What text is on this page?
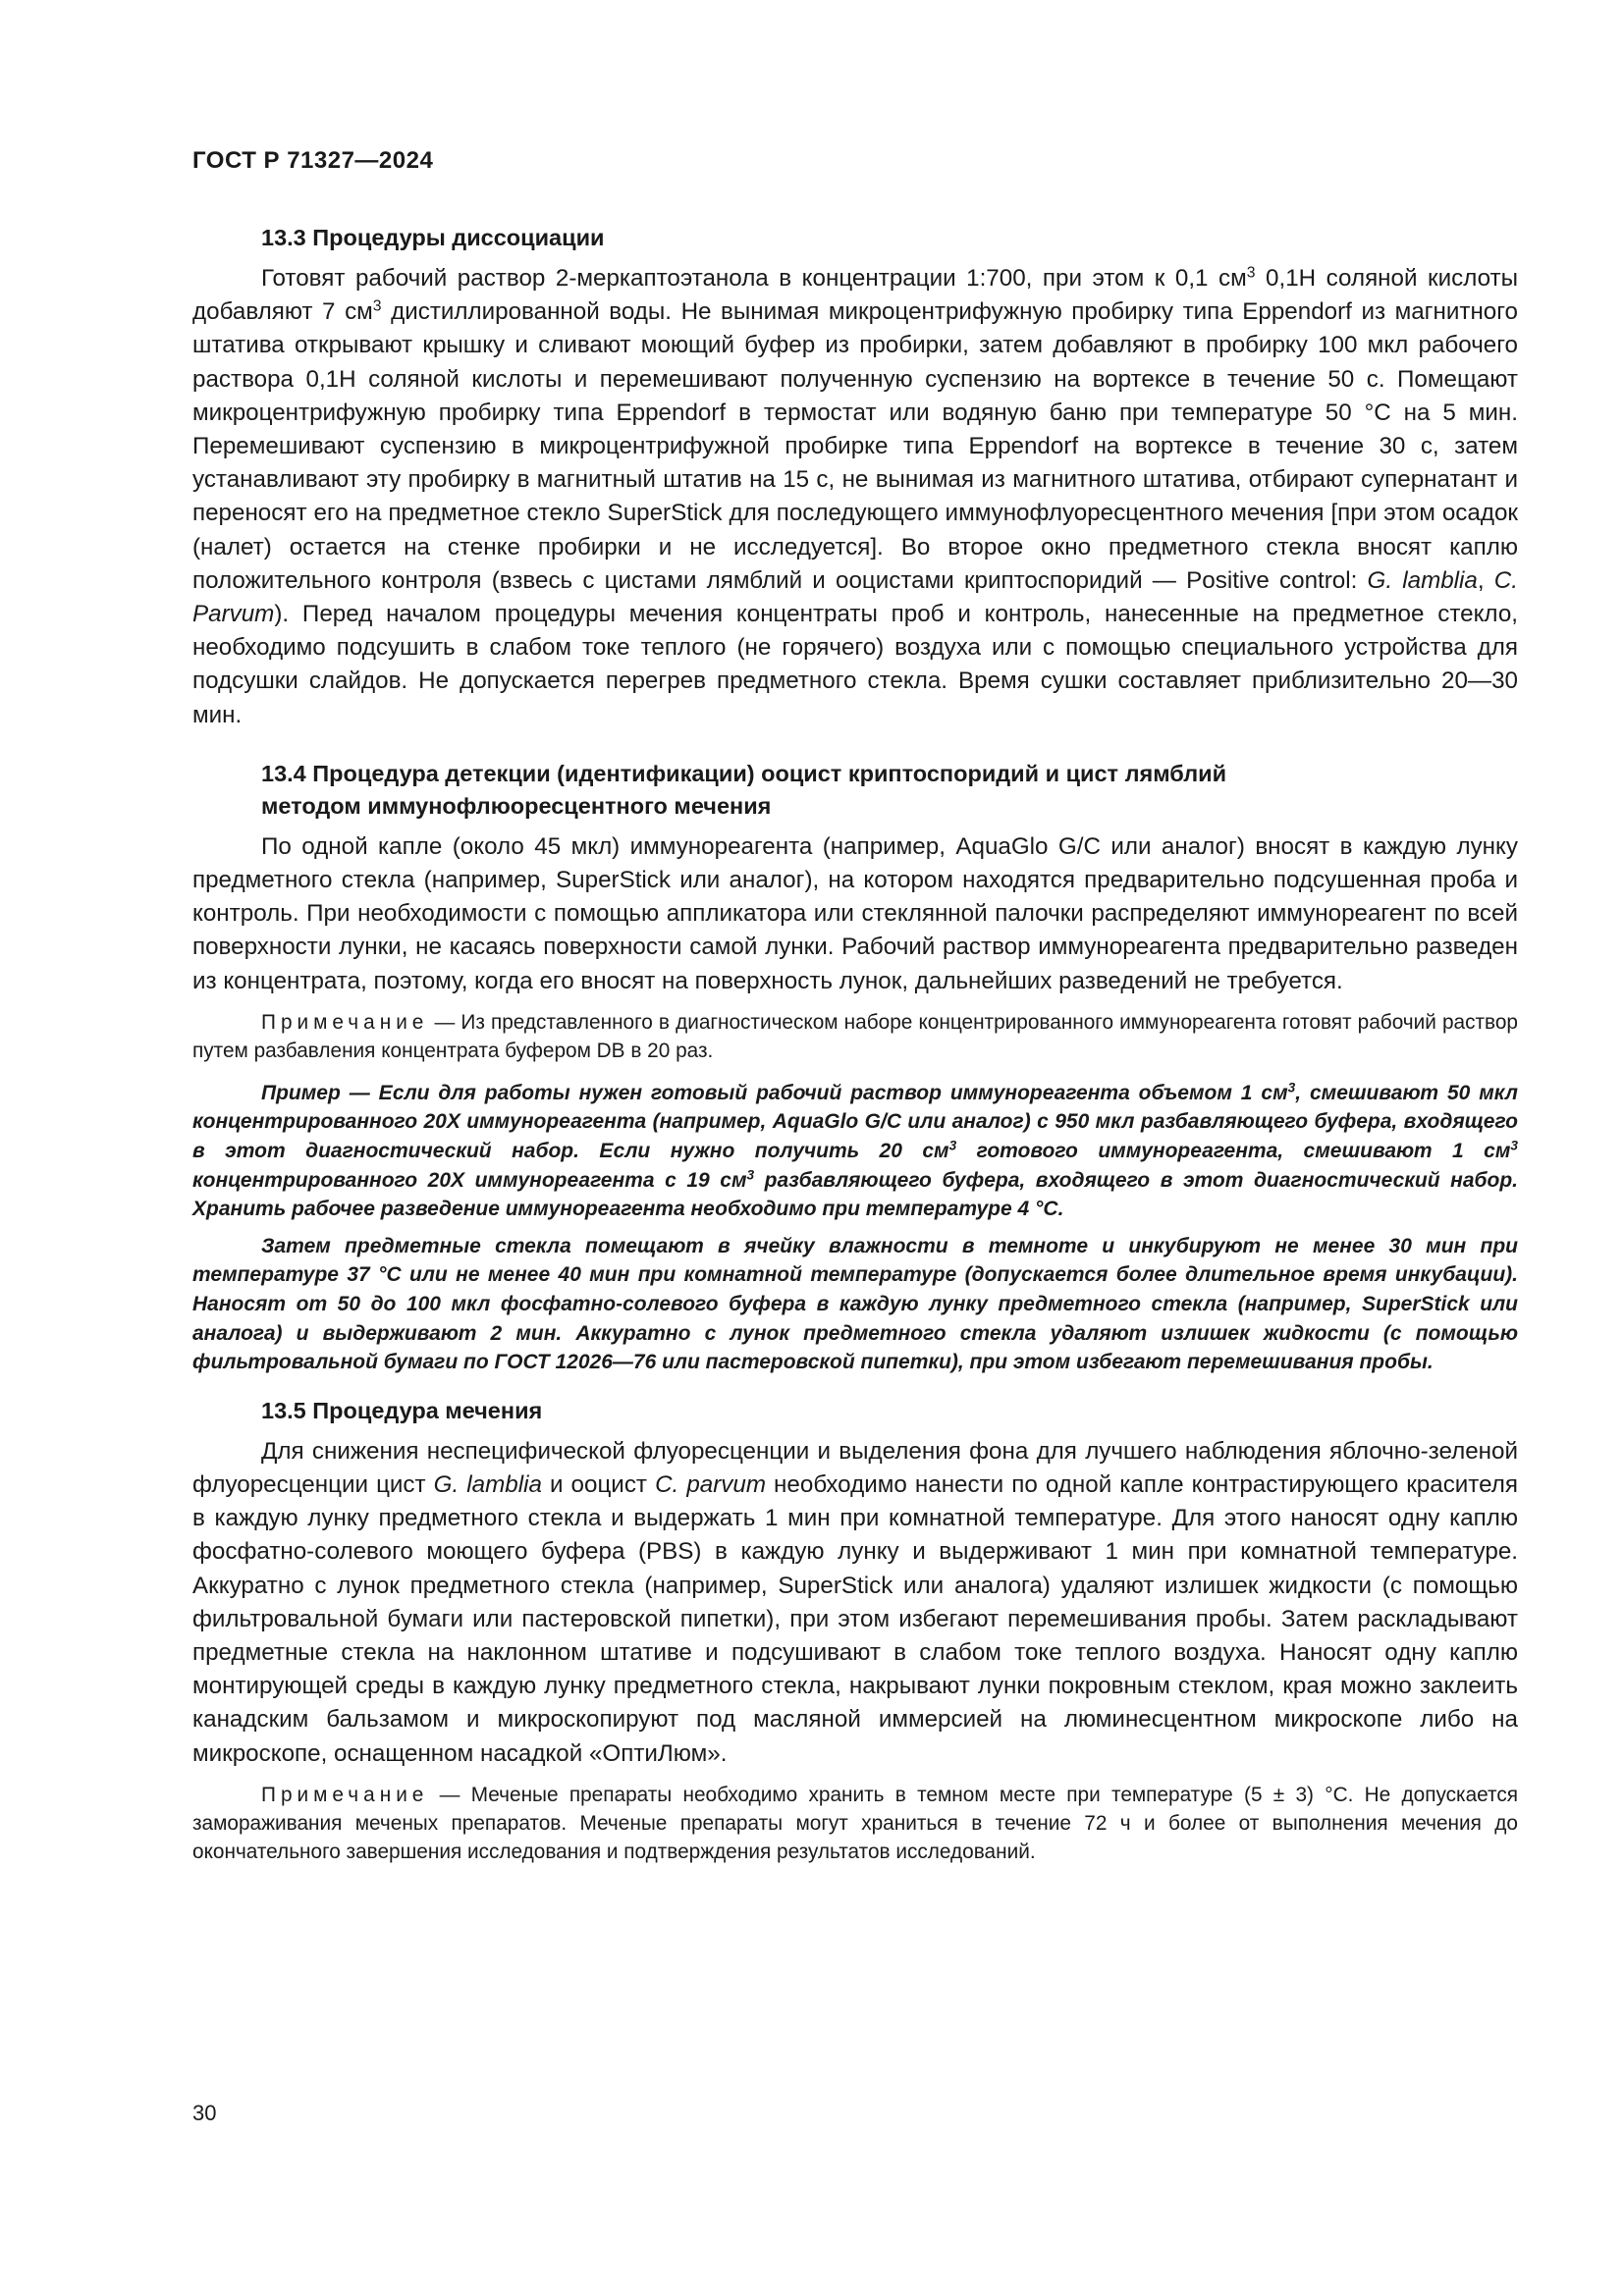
ГОСТ Р 71327—2024
13.3 Процедуры диссоциации

Готовят рабочий раствор 2-меркаптоэтанола в концентрации 1:700, при этом к 0,1 $см^3$ 0,1Н соляной кислоты добавляют 7 $см^3$ дистиллированной воды. Не вынимая микроцентрифужную пробирку типа Eppendorf из магнитного штатива открывают крышку и сливают моющий буфер из пробирки, затем добавляют в пробирку 100 мкл рабочего раствора 0,1Н соляной кислоты и перемешивают полученную суспензию на вортексе в течение 50 с. Помещают микроцентрифужную пробирку типа Eppendorf в термостат или водяную баню при температуре 50 °С на 5 мин. Перемешивают суспензию в микроцентрифужной пробирке типа Eppendorf на вортексе в течение 30 с, затем устанавливают эту пробирку в магнитный штатив на 15 с, не вынимая из магнитного штатива, отбирают супернатант и переносят его на предметное стекло SuperStick для последующего иммунофлуоресцентного мечения [при этом осадок (налет) остается на стенке пробирки и не исследуется]. Во второе окно предметного стекла вносят каплю положительного контроля (взвесь с цистами лямблий и ооцистами криптоспоридий — Positive control: G. lamblia, C. Parvum). Перед началом процедуры мечения концентраты проб и контроль, нанесенные на предметное стекло, необходимо подсушить в слабом токе теплого (не горячего) воздуха или с помощью специального устройства для подсушки слайдов. Не допускается перегрев предметного стекла. Время сушки составляет приблизительно 20—30 мин.

13.4 Процедура детекции (идентификации) ооцист криптоспоридий и цист лямблий
методом иммунофлюоресцентного мечения

По одной капле (около 45 мкл) иммунореагента (например, AquaGlo G/C или аналог) вносят в каждую лунку предметного стекла (например, SuperStick или аналог), на котором находятся предварительно подсушенная проба и контроль. При необходимости с помощью аппликатора или стеклянной палочки распределяют иммунореагент по всей поверхности лунки, не касаясь поверхности самой лунки. Рабочий раствор иммунореагента предварительно разведен из концентрата, поэтому, когда его вносят на поверхность лунок, дальнейших разведений не требуется.

Примечание — Из представленного в диагностическом наборе концентрированного иммунореагента готовят рабочий раствор путем разбавления концентрата буфером DB в 20 раз.

Пример — Если для работы нужен готовый рабочий раствор иммунореагента объемом 1 $см^3$, смешивают 50 мкл концентрированного 20Х иммунореагента (например, AquaGlo G/C или аналог) с 950 мкл разбавляющего буфера, входящего в этот диагностический набор. Если нужно получить 20 $см^3$ готового иммунореагента, смешивают 1 $см^3$ концентрированного 20Х иммунореагента с 19 $см^3$ разбавляющего буфера, входящего в этот диагностический набор. Хранить рабочее разведение иммунореагента необходимо при температуре 4 °С.

Затем предметные стекла помещают в ячейку влажности в темноте и инкубируют не менее 30 мин при температуре 37 °С или не менее 40 мин при комнатной температуре (допускается более длительное время инкубации). Наносят от 50 до 100 мкл фосфатно-солевого буфера в каждую лунку предметного стекла (например, SuperStick или аналога) и выдерживают 2 мин. Аккуратно с лунок предметного стекла удаляют излишек жидкости (с помощью фильтровальной бумаги по ГОСТ 12026—76 или пастеровской пипетки), при этом избегают перемешивания пробы.

13.5 Процедура мечения

Для снижения неспецифической флуоресценции и выделения фона для лучшего наблюдения яблочно-зеленой флуоресценции цист G. lamblia и ооцист C. parvum необходимо нанести по одной капле контрастирующего красителя в каждую лунку предметного стекла и выдержать 1 мин при комнатной температуре. Для этого наносят одну каплю фосфатно-солевого моющего буфера (PBS) в каждую лунку и выдерживают 1 мин при комнатной температуре. Аккуратно с лунок предметного стекла (например, SuperStick или аналога) удаляют излишек жидкости (с помощью фильтровальной бумаги или пастеровской пипетки), при этом избегают перемешивания пробы. Затем раскладывают предметные стекла на наклонном штативе и подсушивают в слабом токе теплого воздуха. Наносят одну каплю монтирующей среды в каждую лунку предметного стекла, накрывают лунки покровным стеклом, края можно заклеить канадским бальзамом и микроскопируют под масляной иммерсией на люминесцентном микроскопе либо на микроскопе, оснащенном насадкой «ОптиЛюм».

Примечание — Меченые препараты необходимо хранить в темном месте при температуре (5 ± 3) °С. Не допускается замораживания меченых препаратов. Меченые препараты могут храниться в течение 72 ч и более от выполнения мечения до окончательного завершения исследования и подтверждения результатов исследований.

30
